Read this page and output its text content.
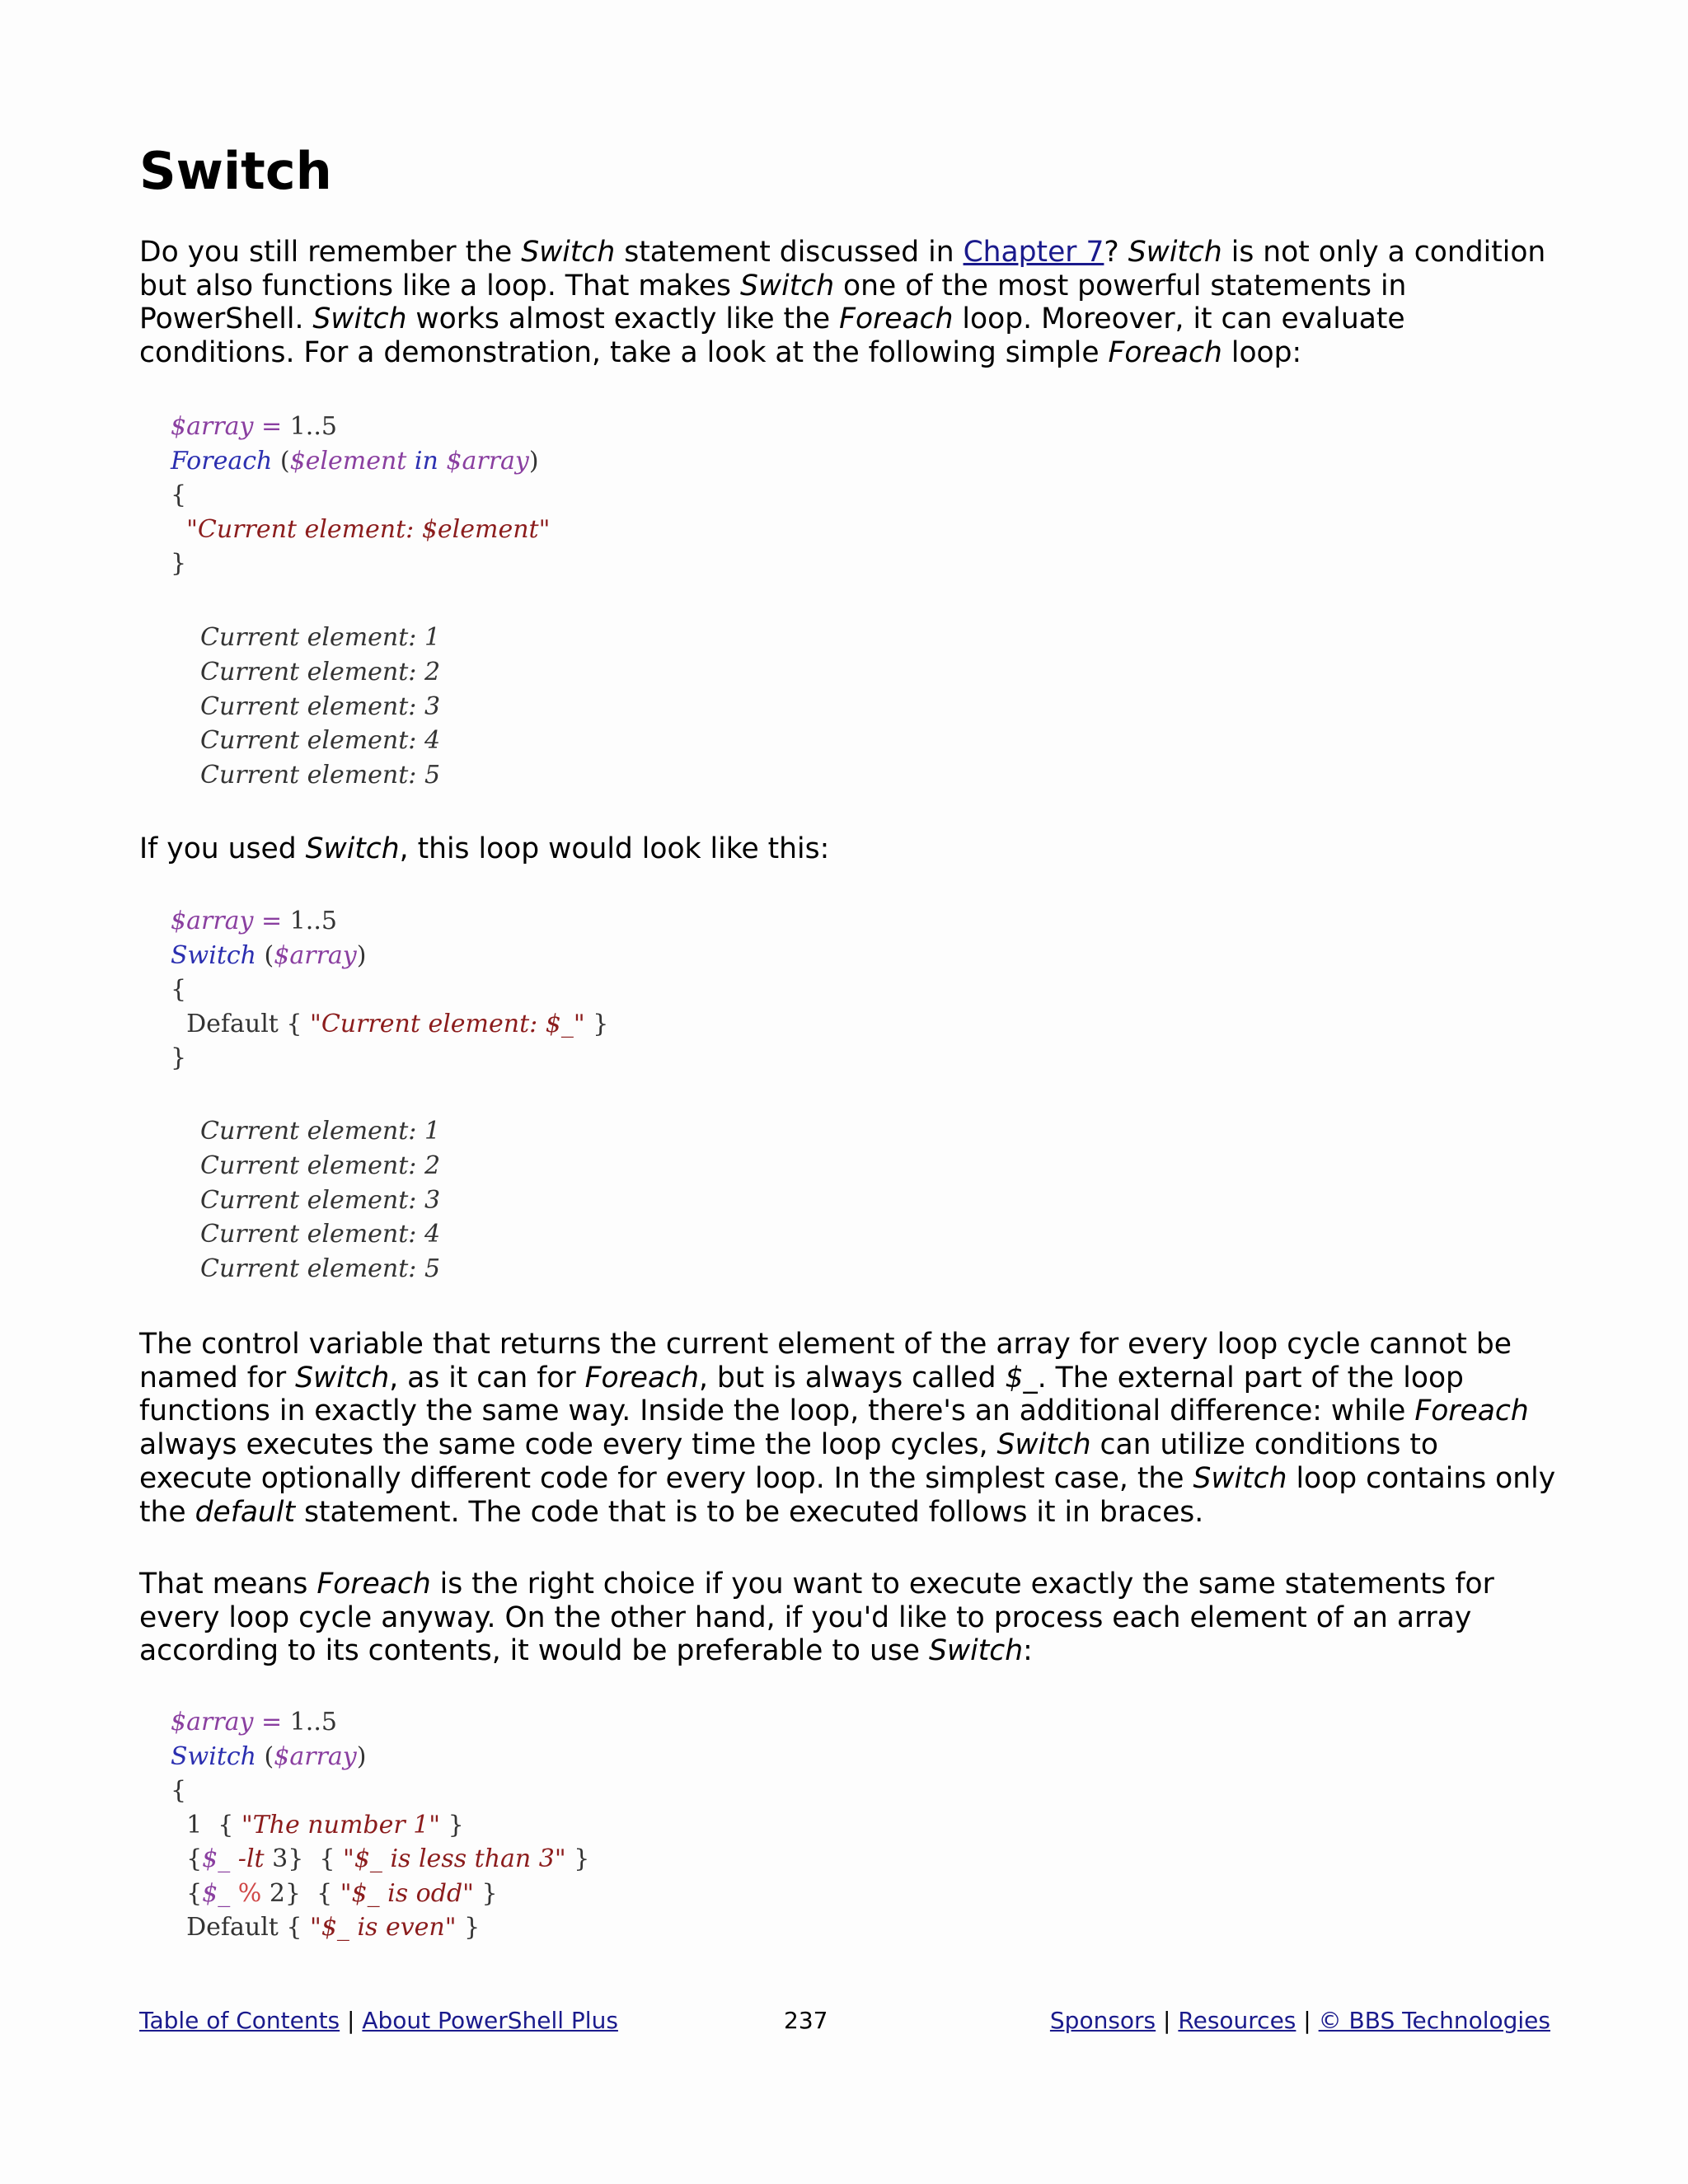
Switch

Do you still remember the Switch statement discussed in Chapter 7? Switch is not only a condition but also functions like a loop. That makes Switch one of the most powerful statements in PowerShell. Switch works almost exactly like the Foreach loop. Moreover, it can evaluate conditions. For a demonstration, take a look at the following simple Foreach loop:

$array = 1..5
Foreach ($element in $array)
{
"Current element: $element"
}
Current element: 1
Current element: 2
Current element: 3
Current element: 4
Current element: 5

If you used Switch, this loop would look like this:

$array = 1..5
Switch ($array)
{
Default { "Current element: $_" }
}
Current element: 1
Current element: 2
Current element: 3
Current element: 4
Current element: 5

The control variable that returns the current element of the array for every loop cycle cannot be named for Switch, as it can for Foreach, but is always called $_. The external part of the loop functions in exactly the same way. Inside the loop, there's an additional difference: while Foreach always executes the same code every time the loop cycles, Switch can utilize conditions to execute optionally different code for every loop. In the simplest case, the Switch loop contains only the default statement. The code that is to be executed follows it in braces.

That means Foreach is the right choice if you want to execute exactly the same statements for every loop cycle anyway. On the other hand, if you'd like to process each element of an array according to its contents, it would be preferable to use Switch:

$array = 1..5
Switch ($array)
{
1  { "The number 1" }
{$_ -lt 3}  { "$_ is less than 3" }
{$_ % 2}  { "$_ is odd" }
Default { "$_ is even" }
Table of Contents | About PowerShell Plus	237	Sponsors | Resources | © BBS Technologies
